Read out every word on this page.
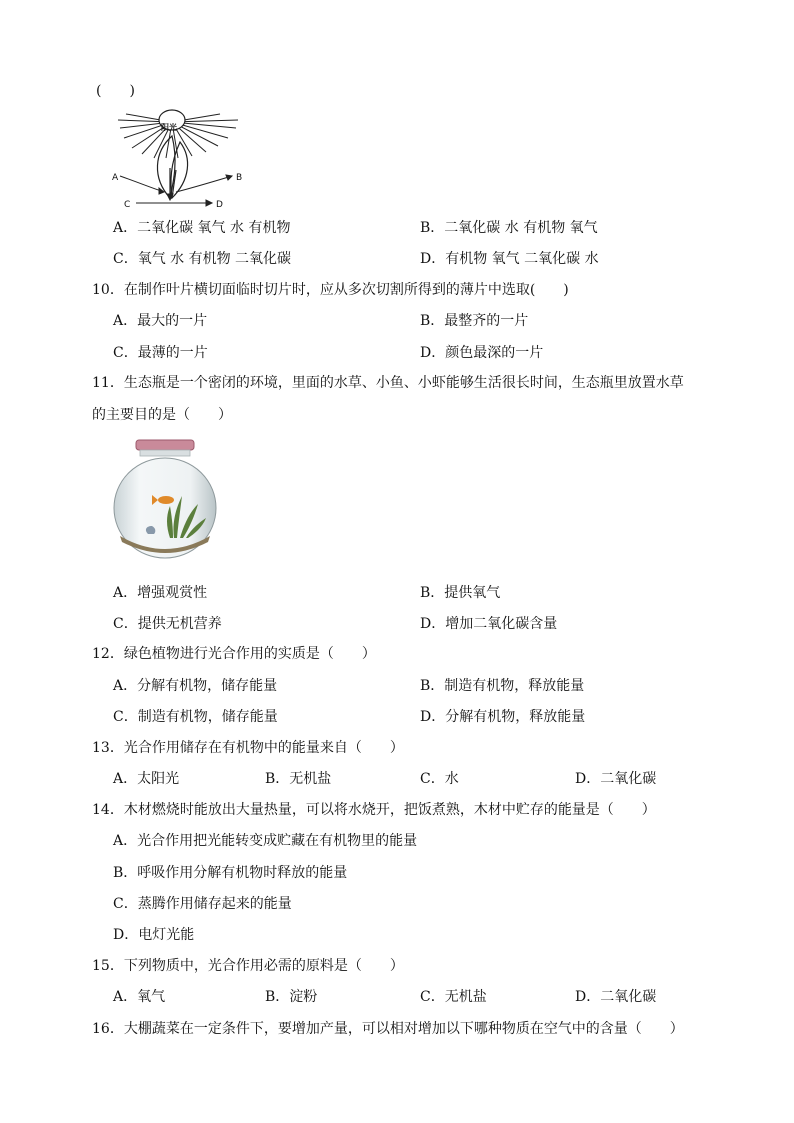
(　　)
阳光
A	B
C	D
A．二氧化碳 氧气 水 有机物	B．二氧化碳 水 有机物 氧气
C．氧气 水 有机物 二氧化碳	D．有机物 氧气 二氧化碳 水
10．在制作叶片横切面临时切片时，应从多次切割所得到的薄片中选取(　　)
A．最大的一片	B．最整齐的一片
C．最薄的一片	D．颜色最深的一片
11．生态瓶是一个密闭的环境，里面的水草、小鱼、小虾能够生活很长时间，生态瓶里放置水草
的主要目的是（　　）
A．增强观赏性	B．提供氧气
C．提供无机营养	D．增加二氧化碳含量
12．绿色植物进行光合作用的实质是（　　）
A．分解有机物，储存能量	B．制造有机物，释放能量
C．制造有机物，储存能量	D．分解有机物，释放能量
13．光合作用储存在有机物中的能量来自（　　）
A．太阳光	B．无机盐	C．水	D．二氧化碳
14．木材燃烧时能放出大量热量，可以将水烧开，把饭煮熟，木材中贮存的能量是（　　）
A．光合作用把光能转变成贮藏在有机物里的能量
B．呼吸作用分解有机物时释放的能量
C．蒸腾作用储存起来的能量
D．电灯光能
15．下列物质中，光合作用必需的原料是（　　）
A．氧气	B．淀粉	C．无机盐	D．二氧化碳
16．大棚蔬菜在一定条件下，要增加产量，可以相对增加以下哪种物质在空气中的含量（　　）
